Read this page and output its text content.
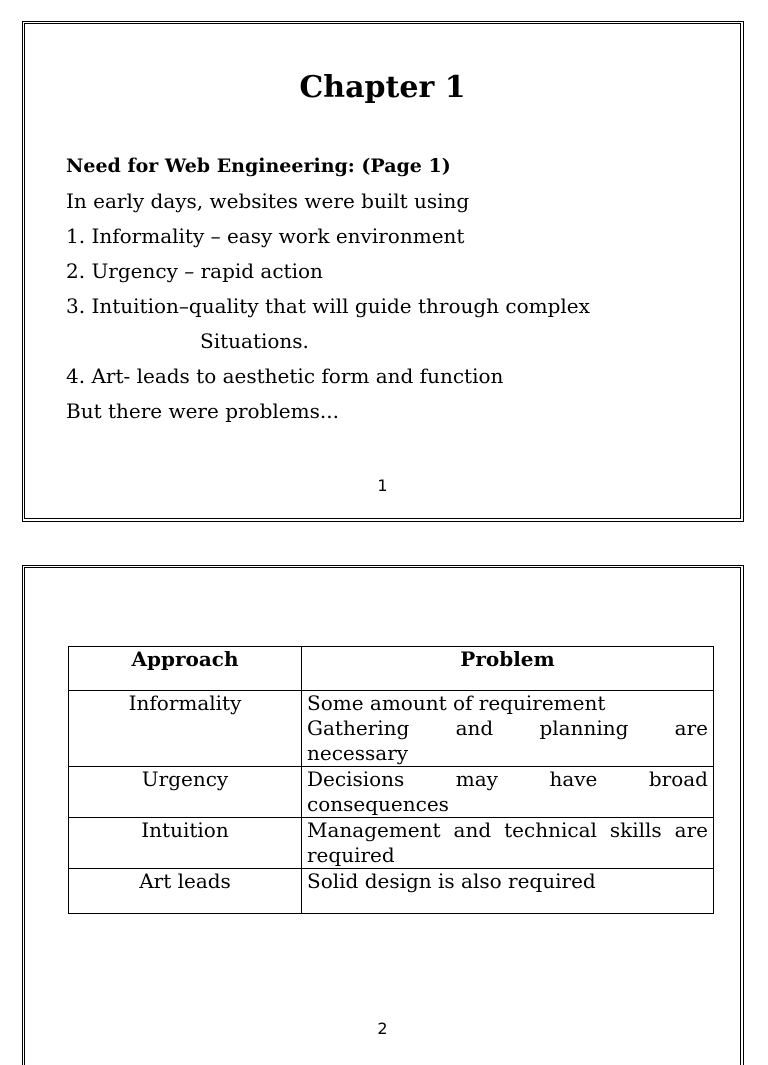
Chapter 1
Need for Web Engineering: (Page 1)
In early days, websites were built using
1. Informality – easy work environment
2. Urgency – rapid action
3. Intuition–quality that will guide through complex
Situations.
4. Art- leads to aesthetic form and function
But there were problems...
1
Approach	Problem
Informality	Some amount of requirement
Gathering and planning are
necessary

Urgency	Decisions may have broad
consequences

Intuition	Management and technical skills are
required

Art leads	Solid design is also required
2
